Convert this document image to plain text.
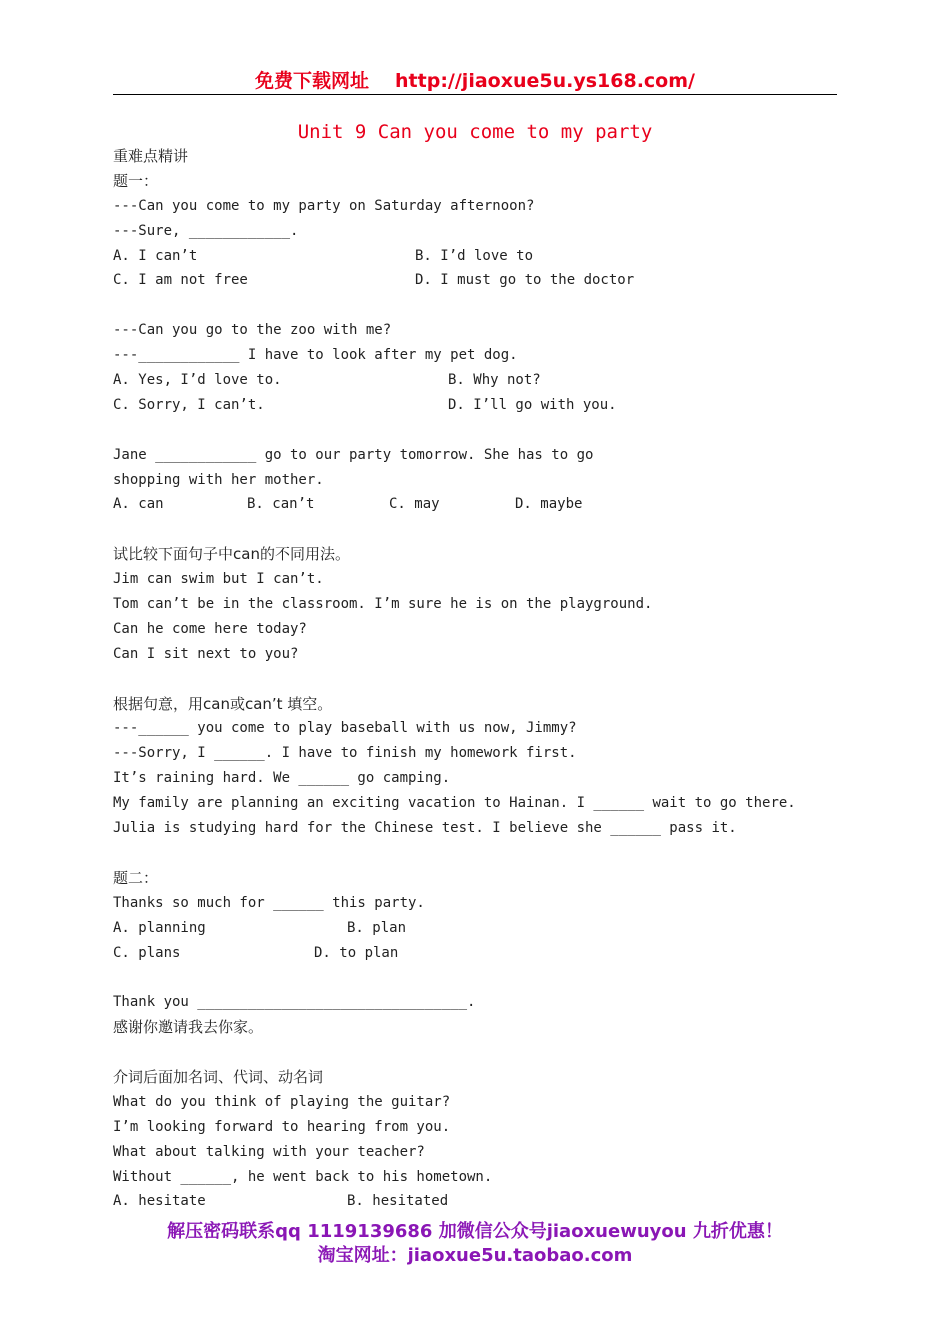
免费下载网址 http://jiaoxue5u.ys168.com/
Unit 9 Can you come to my party
重难点精讲
题一：
---Can you come to my party on Saturday afternoon?
---Sure, ____________.

A. I can’t

	B. I’d love to

C. I am not free

	D. I must go to the doctor

---Can you go to the zoo with me?
---____________ I have to look after my pet dog.

A. Yes, I’d love to.

	B. Why not?

C. Sorry, I can’t.

	D. I’ll go with you.

Jane ____________ go to our party tomorrow. She has to go
shopping with her mother.

A. can

	B. can’t

	C. may

	D. maybe

试比较下面句子中can的不同用法。
Jim can swim but I can’t.
Tom can’t be in the classroom. I’m sure he is on the playground.
Can he come here today?
Can I sit next to you?
根据句意，用can或can’t 填空。
---______ you come to play baseball with us now, Jimmy?
---Sorry, I ______. I have to finish my homework first.
It’s raining hard. We ______ go camping.
My family are planning an exciting vacation to Hainan. I ______ wait to go there.
Julia is studying hard for the Chinese test. I believe she ______ pass it.
题二：
Thanks so much for ______ this party.

A. planning

	B. plan

C. plans

	D. to plan

Thank you ________________________________.
感谢你邀请我去你家。
介词后面加名词、代词、动名词
What do you think of playing the guitar?
I’m looking forward to hearing from you.
What about talking with your teacher?
Without ______, he went back to his hometown.

A. hesitate

	B. hesitated

解压密码联系qq 1119139686 加微信公众号jiaoxuewuyou 九折优惠！
淘宝网址：jiaoxue5u.taobao.com
